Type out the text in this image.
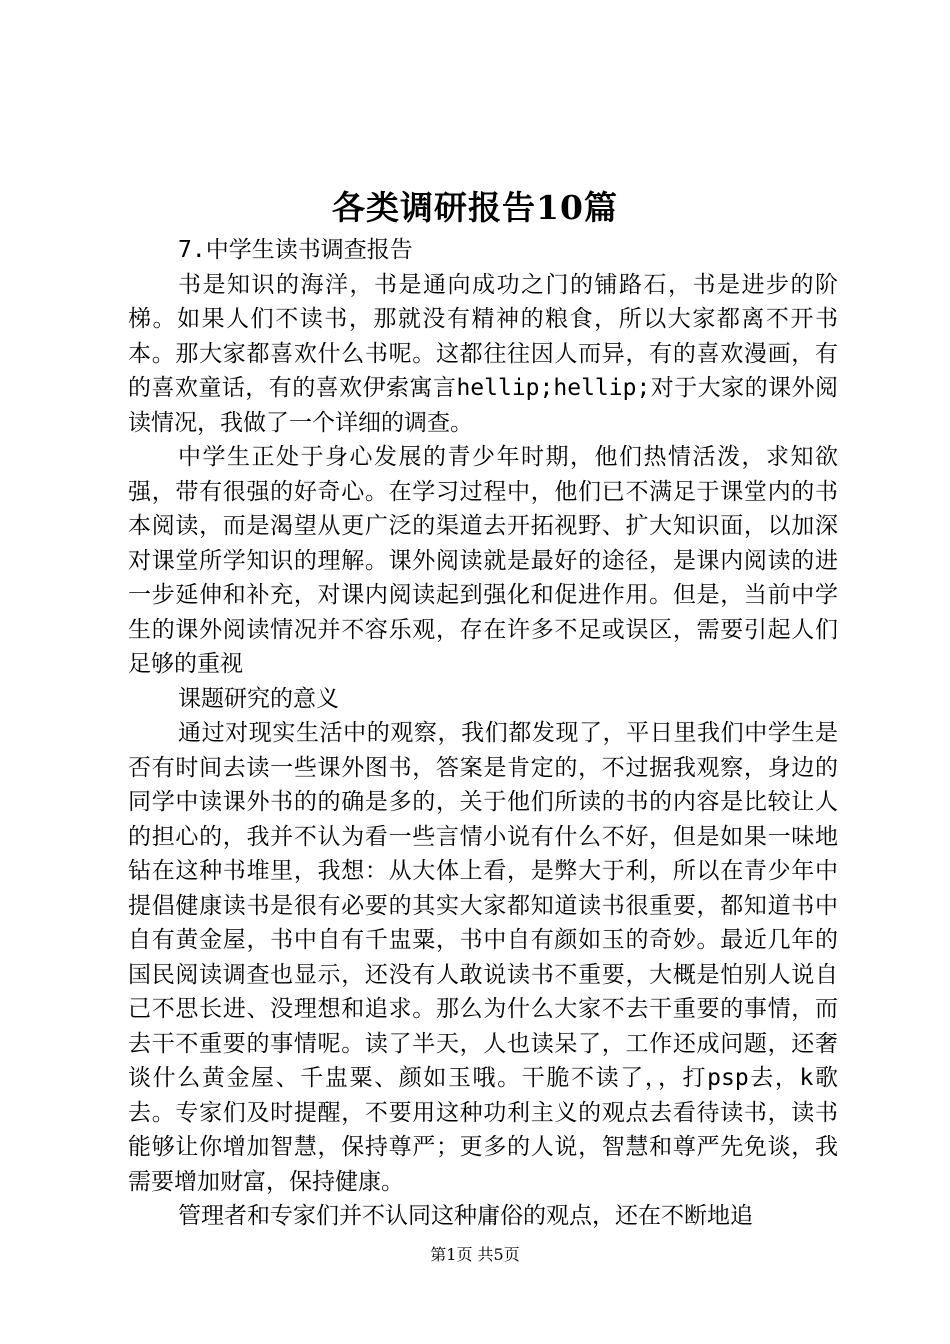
各类调研报告10篇

7.中学生读书调查报告

书是知识的海洋，书是通向成功之门的铺路石，书是进步的阶梯。如果人们不读书，那就没有精神的粮食，所以大家都离不开书本。那大家都喜欢什么书呢。这都往往因人而异，有的喜欢漫画，有的喜欢童话，有的喜欢伊索寓言hellip;hellip;对于大家的课外阅读情况，我做了一个详细的调查。

中学生正处于身心发展的青少年时期，他们热情活泼，求知欲强，带有很强的好奇心。在学习过程中，他们已不满足于课堂内的书本阅读，而是渴望从更广泛的渠道去开拓视野、扩大知识面，以加深对课堂所学知识的理解。课外阅读就是最好的途径，是课内阅读的进一步延伸和补充，对课内阅读起到强化和促进作用。但是，当前中学生的课外阅读情况并不容乐观，存在许多不足或误区，需要引起人们足够的重视

课题研究的意义

通过对现实生活中的观察，我们都发现了，平日里我们中学生是否有时间去读一些课外图书，答案是肯定的，不过据我观察，身边的同学中读课外书的的确是多的，关于他们所读的书的内容是比较让人的担心的，我并不认为看一些言情小说有什么不好，但是如果一味地钻在这种书堆里，我想：从大体上看，是弊大于利，所以在青少年中提倡健康读书是很有必要的其实大家都知道读书很重要，都知道书中自有黄金屋，书中自有千盅粟，书中自有颜如玉的奇妙。最近几年的国民阅读调查也显示，还没有人敢说读书不重要，大概是怕别人说自己不思长进、没理想和追求。那么为什么大家不去干重要的事情，而去干不重要的事情呢。读了半天，人也读呆了，工作还成问题，还奢谈什么黄金屋、千盅粟、颜如玉哦。干脆不读了，，打psp去，k歌去。专家们及时提醒，不要用这种功利主义的观点去看待读书，读书能够让你增加智慧，保持尊严；更多的人说，智慧和尊严先免谈，我需要增加财富，保持健康。

管理者和专家们并不认同这种庸俗的观点，还在不断地追

第1页 共5页
